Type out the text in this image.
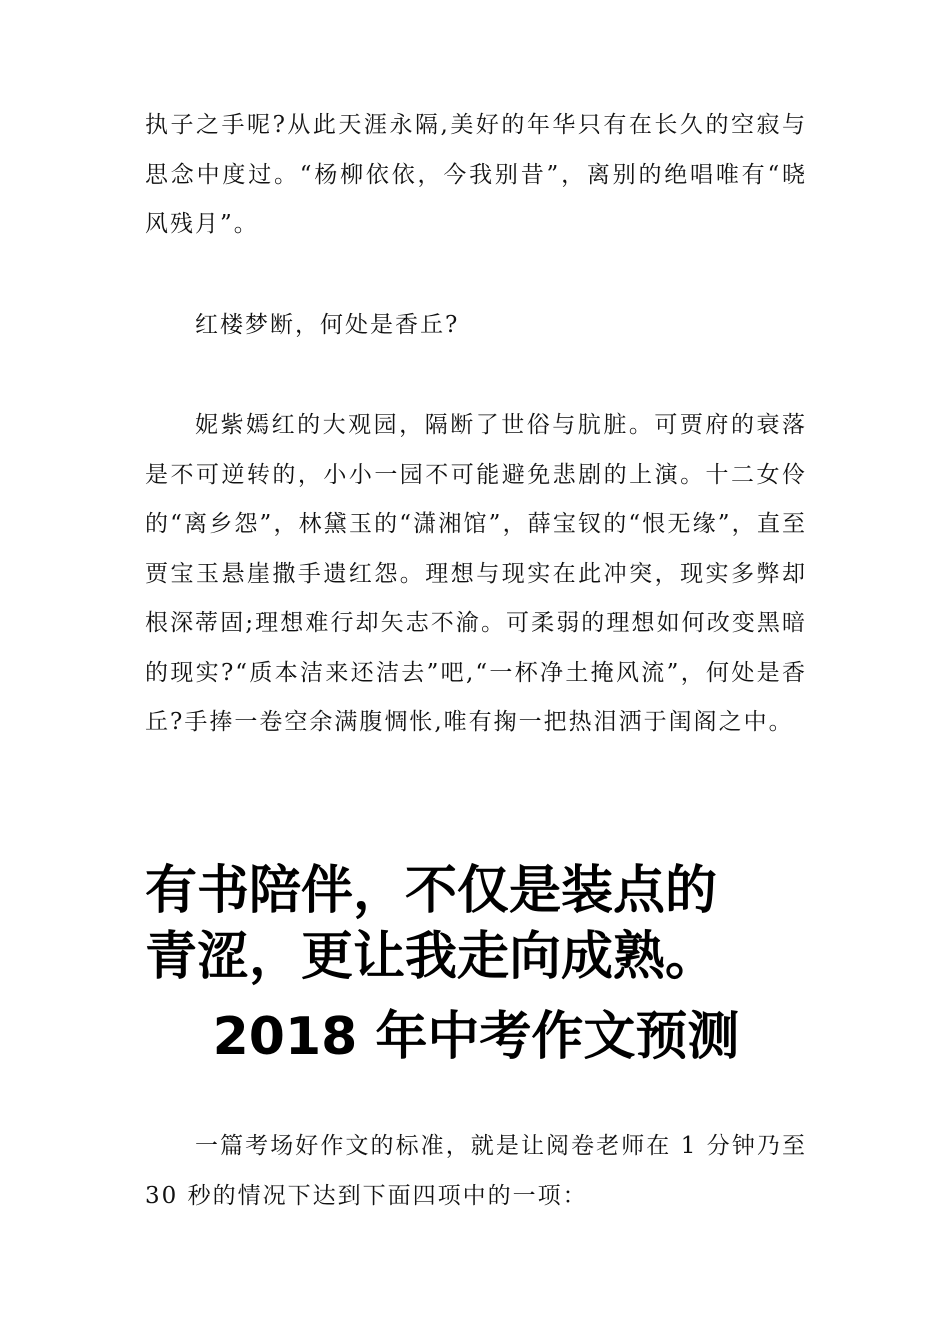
执子之手呢?从此天涯永隔,美好的年华只有在长久的空寂与思念中度过。“杨柳依依，今我别昔”，离别的绝唱唯有“晓风残月”。

红楼梦断，何处是香丘?

妮紫嫣红的大观园，隔断了世俗与肮脏。可贾府的衰落是不可逆转的，小小一园不可能避免悲剧的上演。十二女伶的“离乡怨”，林黛玉的“潇湘馆”，薛宝钗的“恨无缘”，直至贾宝玉悬崖撒手遗红怨。理想与现实在此冲突，现实多弊却根深蒂固;理想难行却矢志不渝。可柔弱的理想如何改变黑暗的现实?“质本洁来还洁去”吧,“一杯净土掩风流”，何处是香丘?手捧一卷空余满腹惆怅,唯有掬一把热泪洒于闺阁之中。

有书陪伴，不仅是装点的
青涩，更让我走向成熟。
2018 年中考作文预测

一篇考场好作文的标准，就是让阅卷老师在 1 分钟乃至30 秒的情况下达到下面四项中的一项：
